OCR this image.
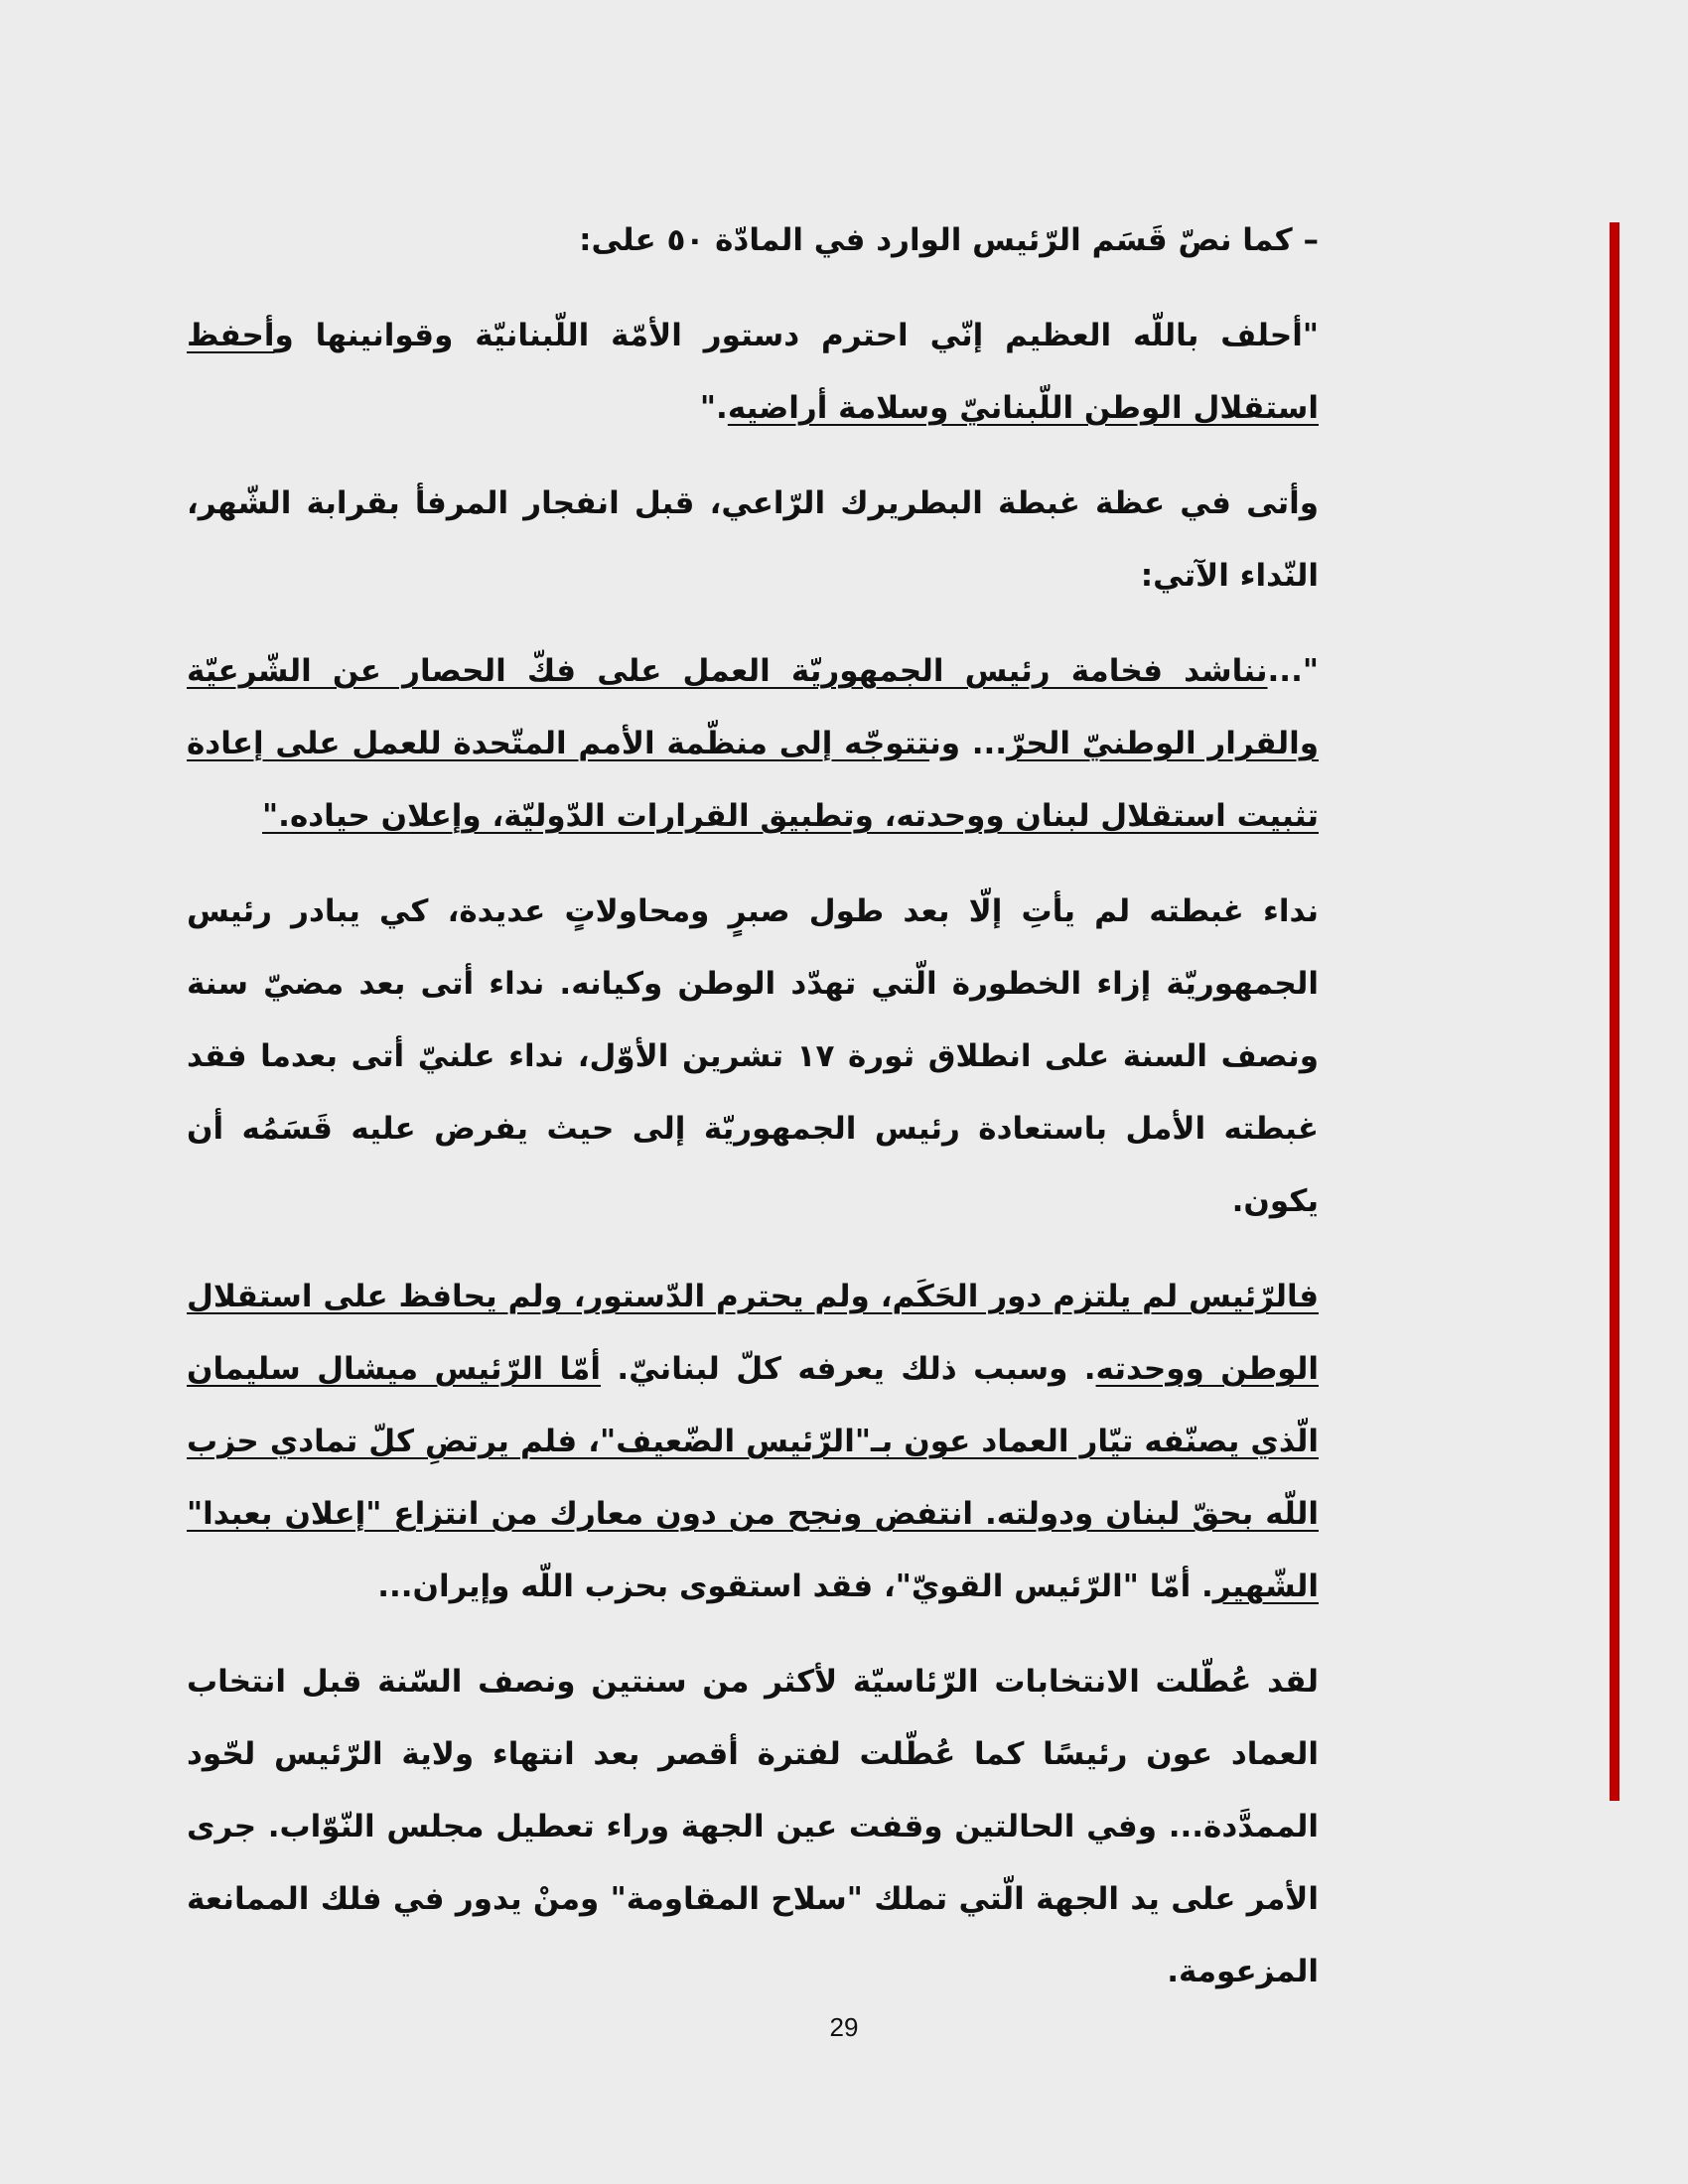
– كما نصّ قَسَم الرّئيس الوارد في المادّة ٥٠ على:

"أحلف باللّه العظيم إنّي احترم دستور الأمّة اللّبنانيّة وقوانينها وأحفظ استقلال الوطن اللّبنانيّ وسلامة أراضيه."

وأتى في عظة غبطة البطريرك الرّاعي، قبل انفجار المرفأ بقرابة الشّهر، النّداء الآتي:

"...نناشد فخامة رئيس الجمهوريّة العمل على فكّ الحصار عن الشّرعيّة والقرار الوطنيّ الحرّ... ونتتوجّه إلى منظّمة الأمم المتّحدة للعمل على إعادة تثبيت استقلال لبنان ووحدته، وتطبيق القرارات الدّوليّة، وإعلان حياده."

نداء غبطته لم يأتِ إلّا بعد طول صبرٍ ومحاولاتٍ عديدة، كي يبادر رئيس الجمهوريّة إزاء الخطورة الّتي تهدّد الوطن وكيانه. نداء أتى بعد مضيّ سنة ونصف السنة على انطلاق ثورة ١٧ تشرين الأوّل، نداء علنيّ أتى بعدما فقد غبطته الأمل باستعادة رئيس الجمهوريّة إلى حيث يفرض عليه قَسَمُه أن يكون.

فالرّئيس لم يلتزم دور الحَكَم، ولم يحترم الدّستور، ولم يحافظ على استقلال الوطن ووحدته. وسبب ذلك يعرفه كلّ لبنانيّ. أمّا الرّئيس ميشال سليمان الّذي يصنّفه تيّار العماد عون بـ"الرّئيس الضّعيف"، فلم يرتضِ كلّ تمادي حزب اللّه بحقّ لبنان ودولته. انتفض ونجح من دون معارك من انتزاع "إعلان بعبدا" الشّهير. أمّا "الرّئيس القويّ"، فقد استقوى بحزب اللّه وإيران...

لقد عُطّلت الانتخابات الرّئاسيّة لأكثر من سنتين ونصف السّنة قبل انتخاب العماد عون رئيسًا كما عُطّلت لفترة أقصر بعد انتهاء ولاية الرّئيس لحّود الممدَّدة... وفي الحالتين وقفت عين الجهة وراء تعطيل مجلس النّوّاب. جرى الأمر على يد الجهة الّتي تملك "سلاح المقاومة" ومنْ يدور في فلك الممانعة المزعومة.

29
